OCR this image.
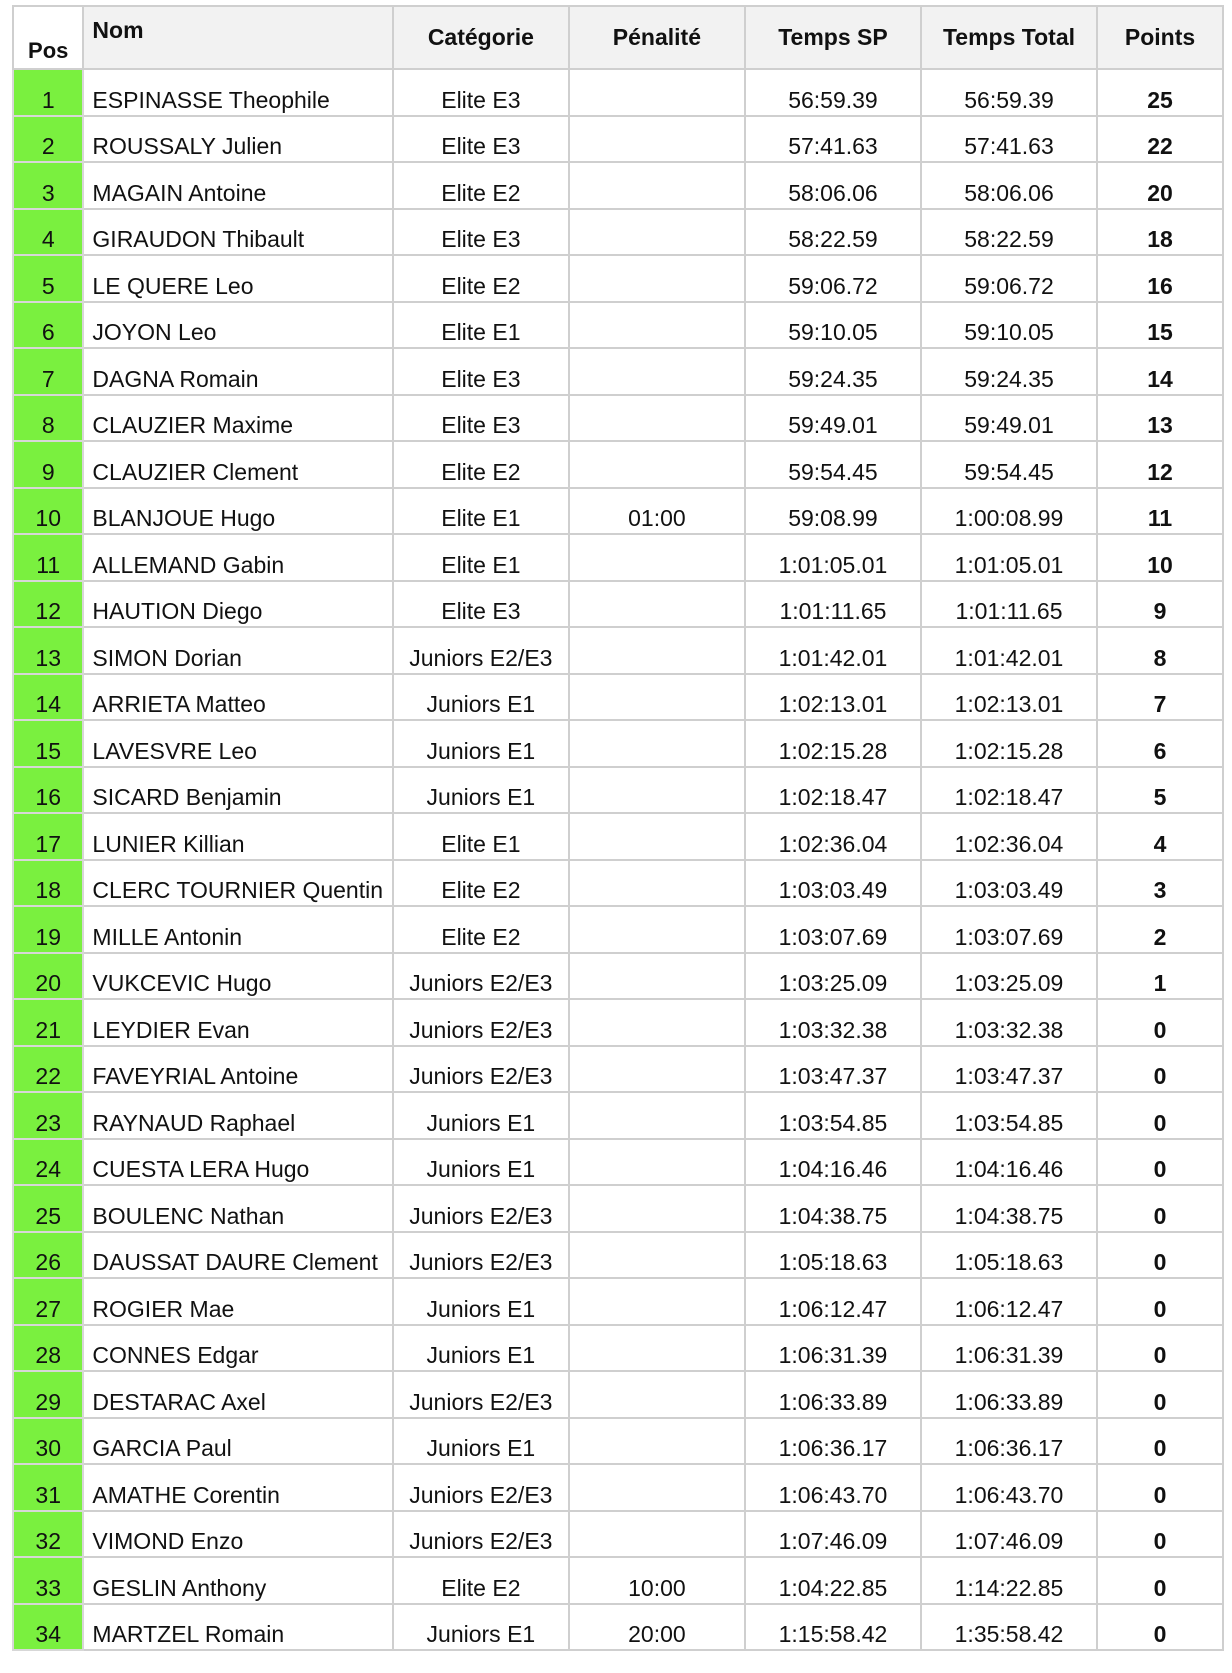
Pos	Nom	Catégorie	Pénalité	Temps SP	Temps Total	Points
1	ESPINASSE Theophile	Elite E3		56:59.39	56:59.39	25
2	ROUSSALY Julien	Elite E3		57:41.63	57:41.63	22
3	MAGAIN Antoine	Elite E2		58:06.06	58:06.06	20
4	GIRAUDON Thibault	Elite E3		58:22.59	58:22.59	18
5	LE QUERE Leo	Elite E2		59:06.72	59:06.72	16
6	JOYON Leo	Elite E1		59:10.05	59:10.05	15
7	DAGNA Romain	Elite E3		59:24.35	59:24.35	14
8	CLAUZIER Maxime	Elite E3		59:49.01	59:49.01	13
9	CLAUZIER Clement	Elite E2		59:54.45	59:54.45	12
10	BLANJOUE Hugo	Elite E1	01:00	59:08.99	1:00:08.99	11
11	ALLEMAND Gabin	Elite E1		1:01:05.01	1:01:05.01	10
12	HAUTION Diego	Elite E3		1:01:11.65	1:01:11.65	9
13	SIMON Dorian	Juniors E2/E3		1:01:42.01	1:01:42.01	8
14	ARRIETA Matteo	Juniors E1		1:02:13.01	1:02:13.01	7
15	LAVESVRE Leo	Juniors E1		1:02:15.28	1:02:15.28	6
16	SICARD Benjamin	Juniors E1		1:02:18.47	1:02:18.47	5
17	LUNIER Killian	Elite E1		1:02:36.04	1:02:36.04	4
18	CLERC TOURNIER Quentin	Elite E2		1:03:03.49	1:03:03.49	3
19	MILLE Antonin	Elite E2		1:03:07.69	1:03:07.69	2
20	VUKCEVIC Hugo	Juniors E2/E3		1:03:25.09	1:03:25.09	1
21	LEYDIER Evan	Juniors E2/E3		1:03:32.38	1:03:32.38	0
22	FAVEYRIAL Antoine	Juniors E2/E3		1:03:47.37	1:03:47.37	0
23	RAYNAUD Raphael	Juniors E1		1:03:54.85	1:03:54.85	0
24	CUESTA LERA Hugo	Juniors E1		1:04:16.46	1:04:16.46	0
25	BOULENC Nathan	Juniors E2/E3		1:04:38.75	1:04:38.75	0
26	DAUSSAT DAURE Clement	Juniors E2/E3		1:05:18.63	1:05:18.63	0
27	ROGIER Mae	Juniors E1		1:06:12.47	1:06:12.47	0
28	CONNES Edgar	Juniors E1		1:06:31.39	1:06:31.39	0
29	DESTARAC Axel	Juniors E2/E3		1:06:33.89	1:06:33.89	0
30	GARCIA Paul	Juniors E1		1:06:36.17	1:06:36.17	0
31	AMATHE Corentin	Juniors E2/E3		1:06:43.70	1:06:43.70	0
32	VIMOND Enzo	Juniors E2/E3		1:07:46.09	1:07:46.09	0
33	GESLIN Anthony	Elite E2	10:00	1:04:22.85	1:14:22.85	0
34	MARTZEL Romain	Juniors E1	20:00	1:15:58.42	1:35:58.42	0
